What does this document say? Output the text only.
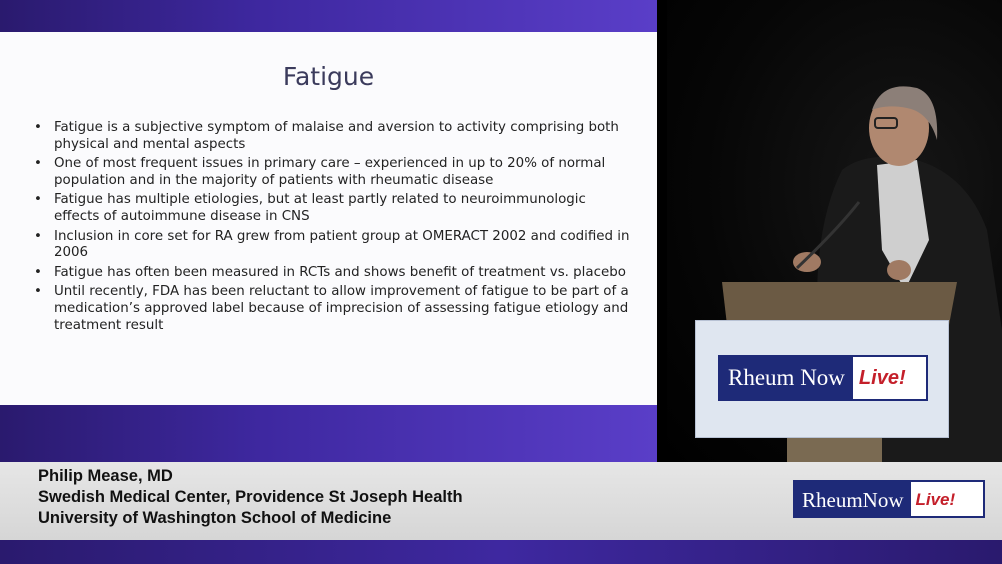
Fatigue
• Fatigue is a subjective symptom of malaise and aversion to activity comprising both physical and mental aspects
• One of most frequent issues in primary care – experienced in up to 20% of normal population and in the majority of patients with rheumatic disease
• Fatigue has multiple etiologies, but at least partly related to neuroimmunologic effects of autoimmune disease in CNS
• Inclusion in core set for RA grew from patient group at OMERACT 2002 and codified in 2006
• Fatigue has often been measured in RCTs and shows benefit of treatment vs. placebo
• Until recently, FDA has been reluctant to allow improvement of fatigue to be part of a medication’s approved label because of imprecision of assessing fatigue etiology and treatment result
Rheum Now Live!
Philip Mease, MD
Swedish Medical Center, Providence St Joseph Health
University of Washington School of Medicine
RheumNow Live!
